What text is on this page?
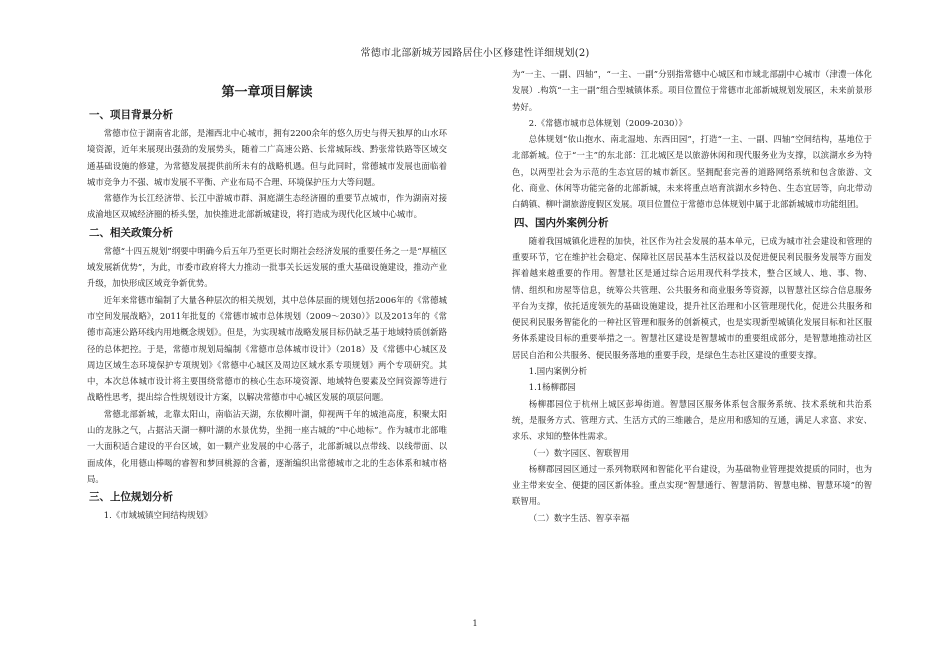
常德市北部新城芳园路居住小区修建性详细规划(2)
第一章项目解读
一、项目背景分析

常德市位于湖南省北部，是湘西北中心城市，拥有2200余年的悠久历史与得天独厚的山水环境资源，近年来展现出强劲的发展势头，随着二广高速公路、长常城际线、黔张常铁路等区域交通基础设施的修建，为常德发展提供前所未有的战略机遇。但与此同时，常德城市发展也面临着城市竞争力不强、城市发展不平衡、产业布局不合理、环境保护压力大等问题。

常德作为长江经济带、长江中游城市群、洞庭湖生态经济圈的重要节点城市，作为湖南对接成渝地区双城经济圈的桥头堡，加快推进北部新城建设，将打造成为现代化区域中心城市。

二、相关政策分析

常德“十四五规划”纲要中明确今后五年乃至更长时期社会经济发展的重要任务之一是“厚植区域发展新优势”，为此，市委市政府将大力推动一批事关长远发展的重大基础设施建设，推动产业升级，加快形成区域竞争新优势。

近年来常德市编制了大量各种层次的相关规划，其中总体层面的规划包括2006年的《常德城市空间发展战略》，2011年批复的《常德市城市总体规划（2009～2030）》以及2013年的《常德市高速公路环线内用地概念规划》。但是，为实现城市战略发展目标仍缺乏基于地域特质创新路径的总体把控。于是，常德市规划局编制《常德市总体城市设计》（2018）及《常德中心城区及周边区域生态环境保护专项规划》《常德中心城区及周边区域水系专项规划》两个专项研究。其中，本次总体城市设计将主要围绕常德市的核心生态环境资源、地域特色要素及空间资源等进行战略性思考，提出综合性规划设计方案，以解决常德市中心城区发展的项层问题。

常德北部新城，北靠太阳山，南临沾天湖，东依柳叶湖，仰视两千年的城池高度，积聚太阳山的龙脉之气，占据沾天湖一柳叶湖的水景优势，坐拥一座古城的“中心地标”。作为城市北部唯一大面积适合建设的平台区域，如一颗产业发展的中心落子，北部新城以点带线、以线带面、以面成体，化用德山棒喝的睿智和梦回桃源的含蓄，逐渐编织出常德城市之北的生态体系和城市格局。

三、上位规划分析
1.《市域城镇空间结构规划》

为“一主、一副、四轴”，“一主、一副”分别指常德中心城区和市域北部副中心城市（津澧一体化发展）.构筑“一主一副”组合型城镇体系。项目位置位于常德市北部新城规划发展区，未来前景形势好。

2.《常德市城市总体规划（2009-2030）》

总体规划“依山抱水、南北湿地、东西田园”，打造“一主、一副、四轴”空间结构，基地位于北部新城。位于“一主”的东北部：江北城区是以旅游休闲和现代服务业为支撑，以滨湖水乡为特色，以两型社会为示范的生态宜居的城市新区。坚拥配套完善的道路网络系统和包含旅游、文化、商业、休闲等功能完备的北部新城，未来将重点培育滨湖水乡特色、生态宜居等，向北带动白鹤镇、柳叶湖旅游度假区发展。项目位置位于常德市总体规划中属于北部新城城市功能组团。

四、国内外案例分析

随着我国城镇化进程的加快，社区作为社会发展的基本单元，已成为城市社会建设和管理的重要环节，它在维护社会稳定、保障社区居民基本生活权益以及促进便民利民服务发展等方面发挥着越来越重要的作用。智慧社区是通过综合运用现代科学技术，整合区域人、地、事、物、情、组织和房屋等信息，统筹公共管理、公共服务和商业服务等资源，以智慧社区综合信息服务平台为支撑，依托适度领先的基础设施建设，提升社区治理和小区管理现代化，促进公共服务和便民利民服务智能化的一种社区管理和服务的创新模式，也是实现新型城镇化发展目标和社区服务体系建设目标的重要举措之一。智慧社区建设是智慧城市的重要组成部分，是智慧地推动社区居民自治和公共服务、便民服务落地的重要手段，是绿色生态社区建设的重要支撑。

1.国内案例分析
1.1杨柳郡园

杨柳郡园位于杭州上城区彭埠街道。智慧园区服务体系包含服务系统、技术系统和共治系统，是服务方式、管理方式、生活方式的三维融合，是应用和感知的互通，满足人求富、求安、求乐、求知的整体性需求。

（一）数字园区、智联智用

杨柳郡园园区通过一系列物联网和智能化平台建设，为基础物业管理提效提质的同时，也为业主带来安全、便捷的园区新体验。重点实现“智慧通行、智慧消防、智慧电梯、智慧环境”的智联智用。

（二）数字生活、智享幸福
1
